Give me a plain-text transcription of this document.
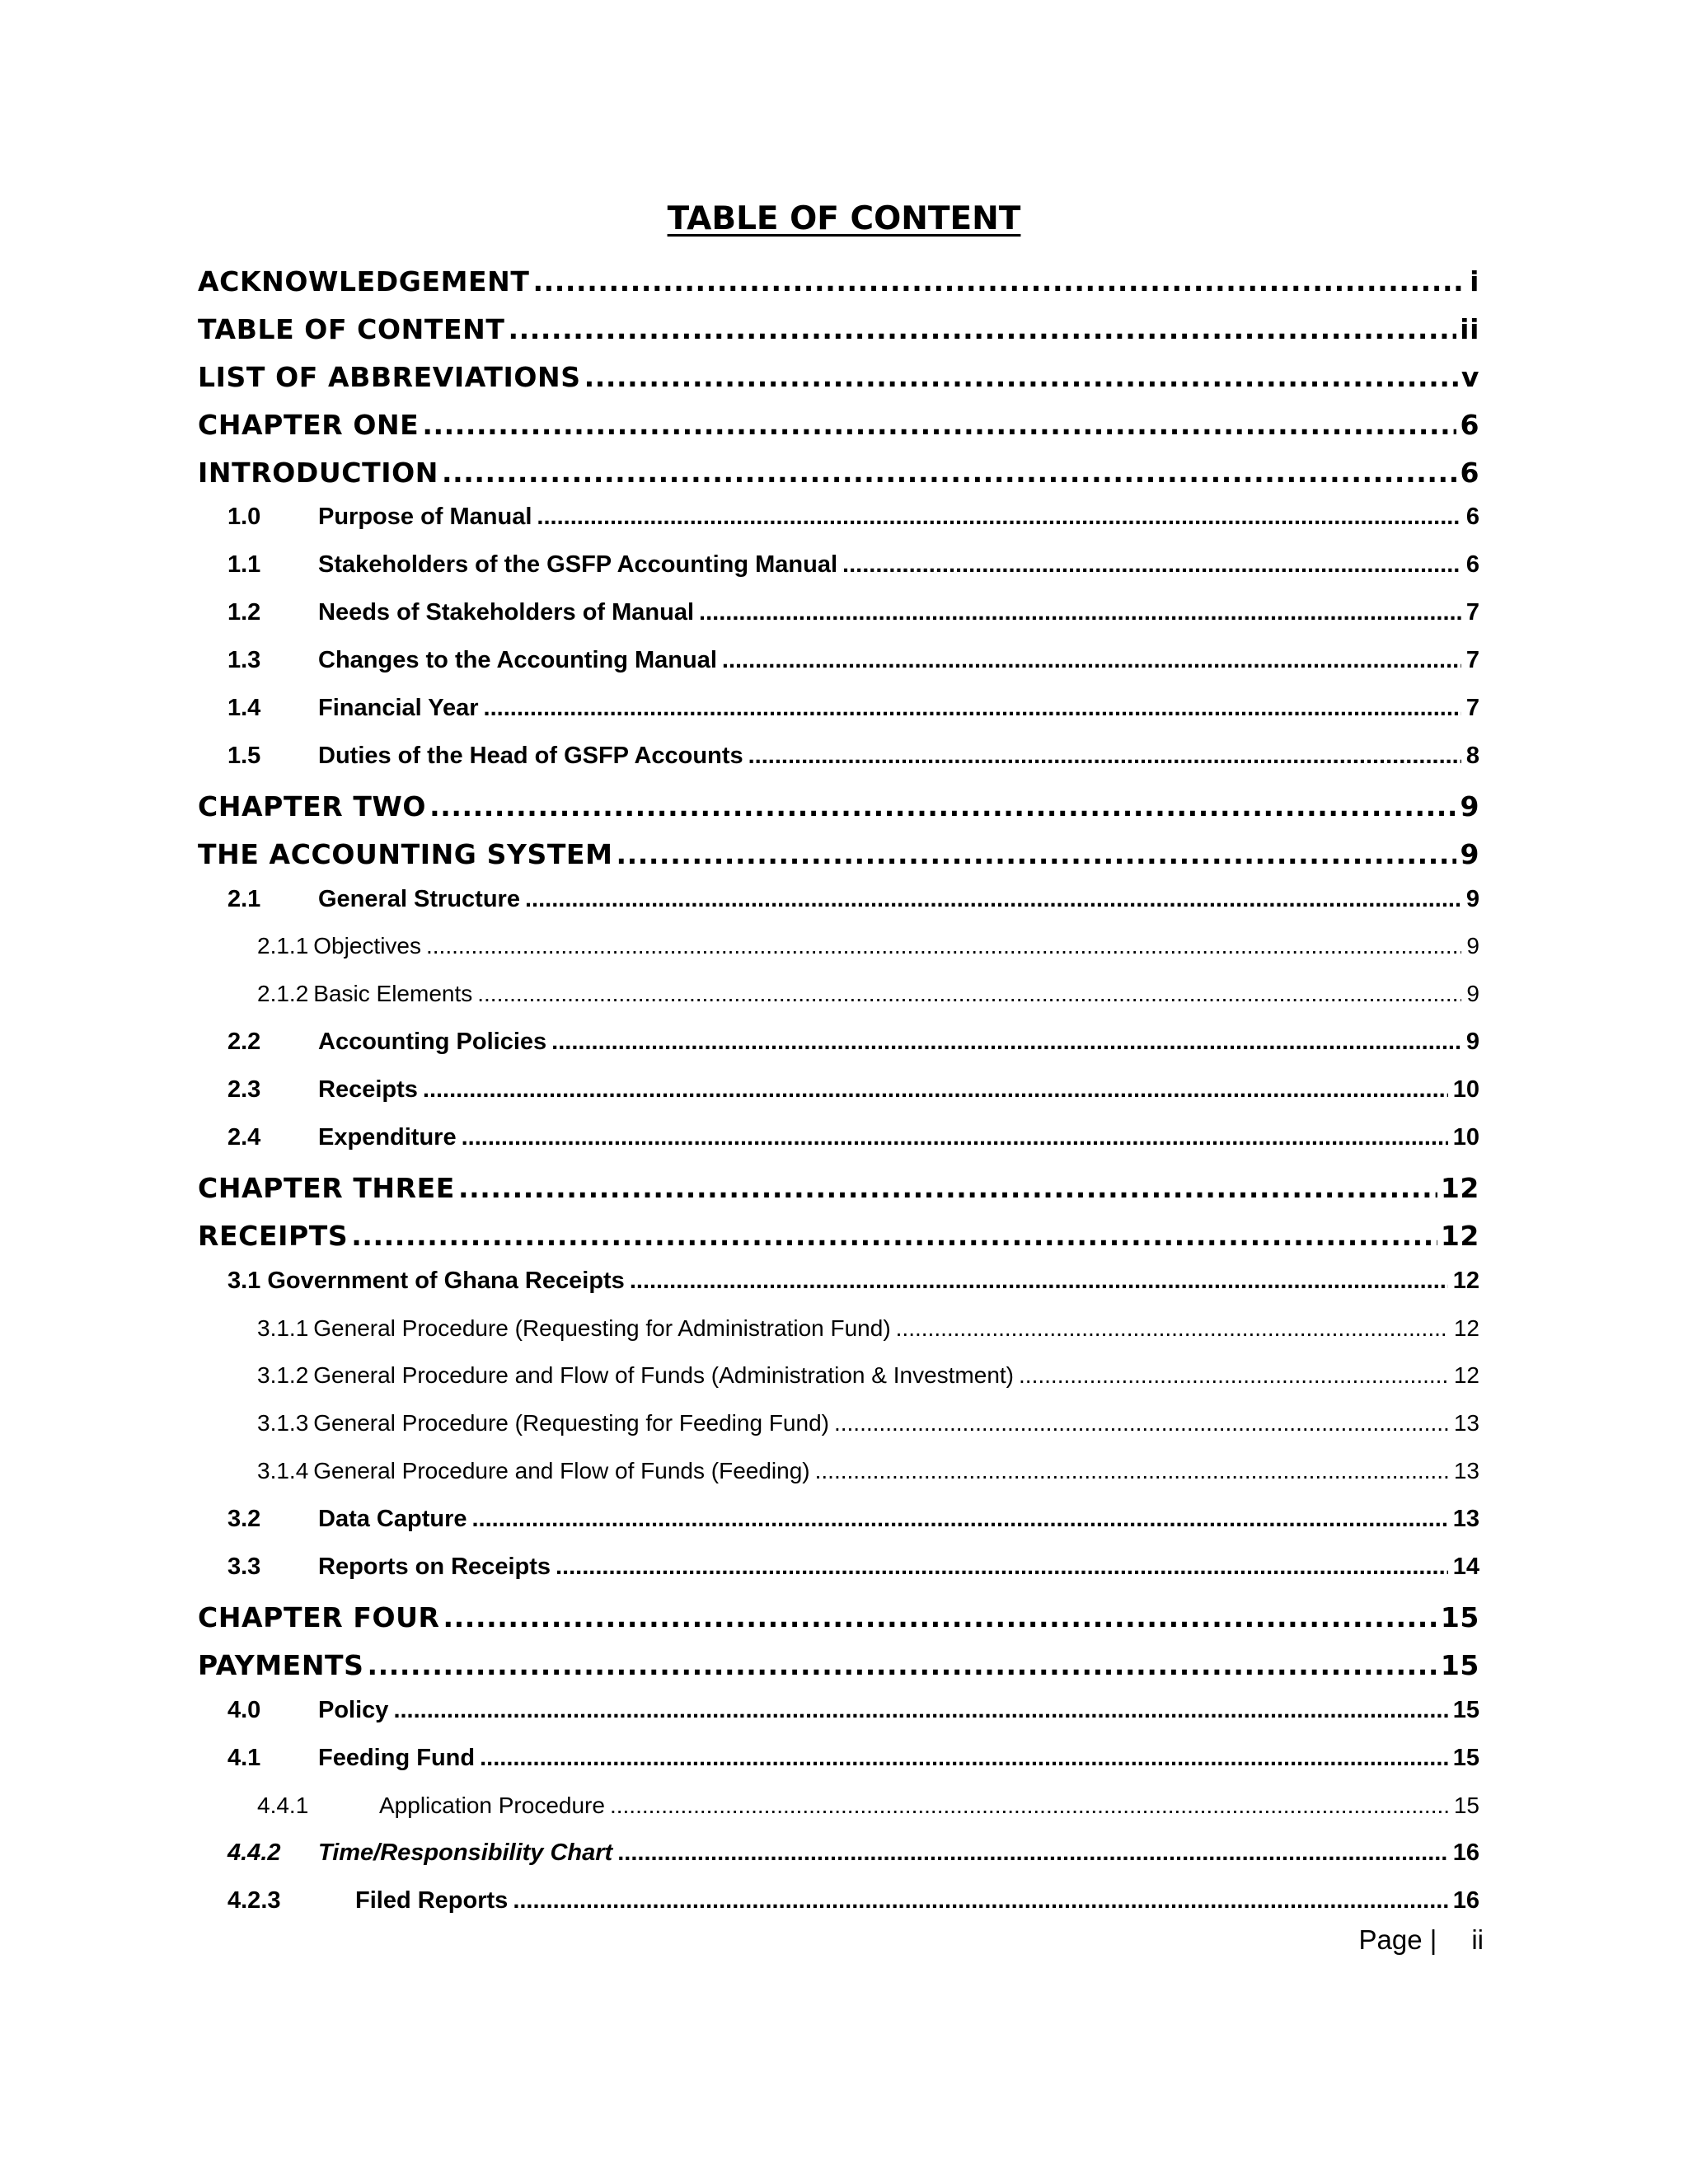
TABLE OF CONTENT
ACKNOWLEDGEMENT .....	i
TABLE OF CONTENT .....	ii
LIST OF ABBREVIATIONS .....	v
CHAPTER ONE .....	6
INTRODUCTION .....	6
1.0	Purpose of Manual .....	6
1.1	Stakeholders of the GSFP Accounting Manual .....	6
1.2	Needs of Stakeholders of Manual .....	7
1.3	Changes to the Accounting Manual .....	7
1.4	Financial Year .....	7
1.5	Duties of the Head of GSFP Accounts .....	8
CHAPTER TWO .....	9
THE ACCOUNTING SYSTEM .....	9
2.1	General Structure .....	9
2.1.1 Objectives .....	9
2.1.2 Basic Elements .....	9
2.2	Accounting Policies .....	9
2.3	Receipts .....	10
2.4	Expenditure .....	10
CHAPTER THREE .....	12
RECEIPTS .....	12
3.1 Government of Ghana Receipts .....	12
3.1.1 General Procedure (Requesting for Administration Fund) .....	12
3.1.2 General Procedure and Flow of Funds (Administration & Investment) .....	12
3.1.3 General Procedure (Requesting for Feeding Fund) .....	13
3.1.4 General Procedure and Flow of Funds (Feeding) .....	13
3.2	Data Capture .....	13
3.3	Reports on Receipts .....	14
CHAPTER FOUR .....	15
PAYMENTS .....	15
4.0	Policy .....	15
4.1	Feeding Fund .....	15
4.4.1	Application Procedure .....	15
4.4.2	Time/Responsibility Chart .....	16
4.2.3	Filed Reports .....	16
Page | ii
